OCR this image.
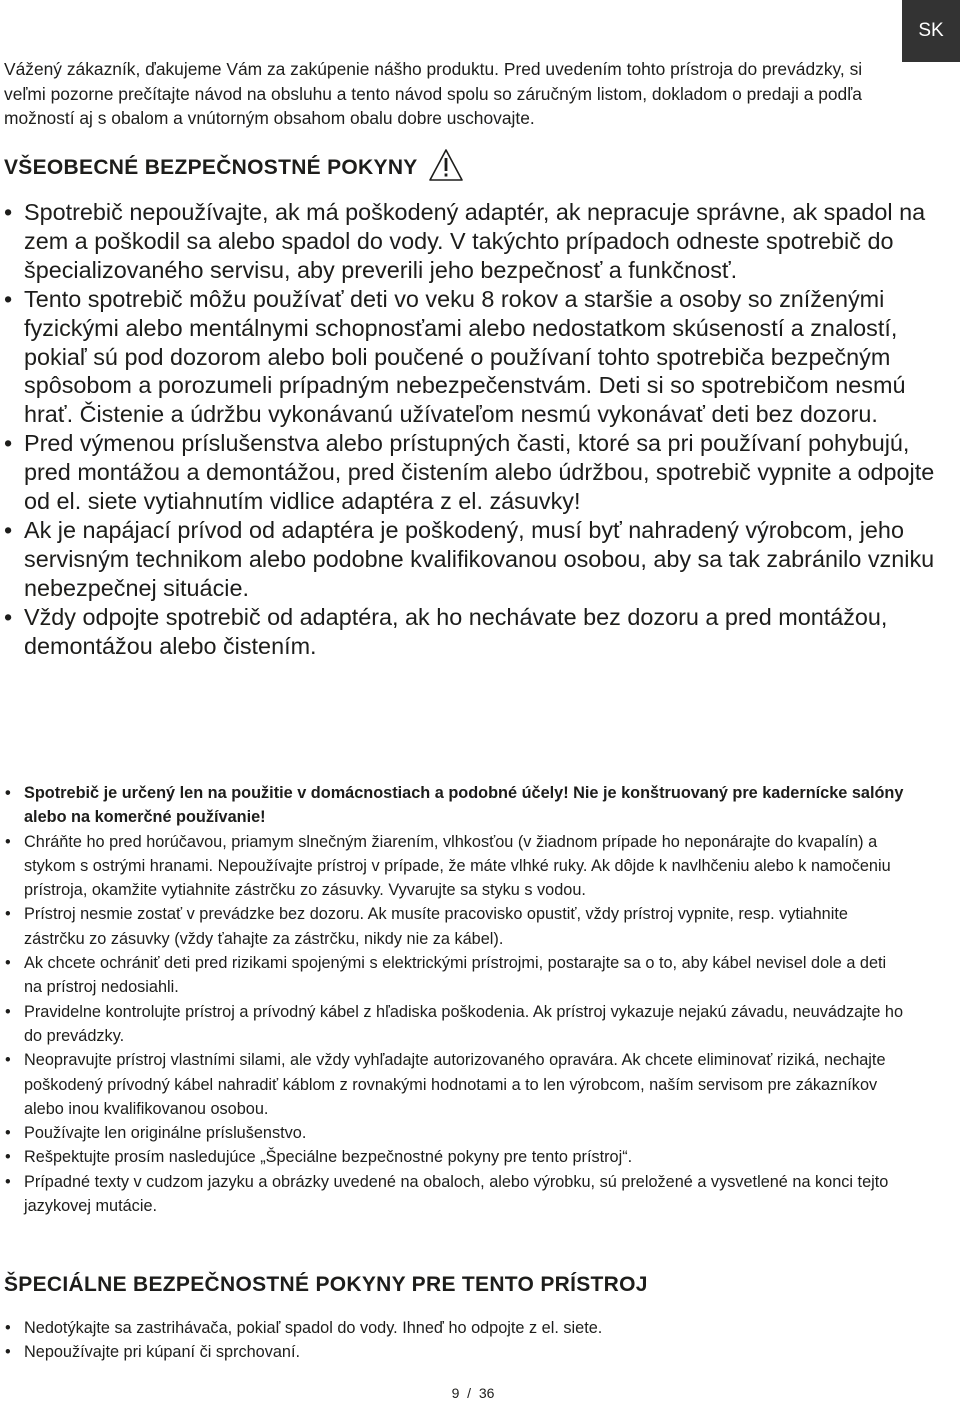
SK

Vážený zákazník, ďakujeme Vám za zakúpenie nášho produktu. Pred uvedením tohto prístroja do prevádzky, si veľmi pozorne prečítajte návod na obsluhu a tento návod spolu so záručným listom, dokladom o predaji a podľa možností aj s obalom a vnútorným obsahom obalu dobre uschovajte.

VŠEOBECNÉ BEZPEČNOSTNÉ POKYNY
• Spotrebič nepoužívajte, ak má poškodený adaptér, ak nepracuje správne, ak spadol na zem a poškodil sa alebo spadol do vody. V takýchto prípadoch odneste spotrebič do špecializovaného servisu, aby preverili jeho bezpečnosť a funkčnosť.
• Tento spotrebič môžu používať deti vo veku 8 rokov a staršie a osoby so zníženými fyzickými alebo mentálnymi schopnosťami alebo nedostatkom skúseností a znalostí, pokiaľ sú pod dozorom alebo boli poučené o používaní tohto spotrebiča bezpečným spôsobom a porozumeli prípadným nebezpečenstvám. Deti si so spotrebičom nesmú hrať. Čistenie a údržbu vykonávanú užívateľom nesmú vykonávať deti bez dozoru.
• Pred výmenou príslušenstva alebo prístupných časti, ktoré sa pri používaní pohybujú, pred montážou a demontážou, pred čistením alebo údržbou, spotrebič vypnite a odpojte od el. siete vytiahnutím vidlice adaptéra z el. zásuvky!
• Ak je napájací prívod od adaptéra je poškodený, musí byť nahradený výrobcom, jeho servisným technikom alebo podobne kvalifikovanou osobou, aby sa tak zabránilo vzniku nebezpečnej situácie.
• Vždy odpojte spotrebič od adaptéra, ak ho nechávate bez dozoru a pred montážou, demontážou alebo čistením.
• Spotrebič je určený len na použitie v domácnostiach a podobné účely! Nie je konštruovaný pre kadernícke salóny alebo na komerčné používanie!
• Chráňte ho pred horúčavou, priamym slnečným žiarením, vlhkosťou (v žiadnom prípade ho neponárajte do kvapalín) a stykom s ostrými hranami. Nepoužívajte prístroj v prípade, že máte vlhké ruky. Ak dôjde k navlhčeniu alebo k namočeniu prístroja, okamžite vytiahnite zástrčku zo zásuvky. Vyvarujte sa styku s vodou.
• Prístroj nesmie zostať v prevádzke bez dozoru. Ak musíte pracovisko opustiť, vždy prístroj vypnite, resp. vytiahnite zástrčku zo zásuvky (vždy ťahajte za zástrčku, nikdy nie za kábel).
• Ak chcete ochrániť deti pred rizikami spojenými s elektrickými prístrojmi, postarajte sa o to, aby kábel nevisel dole a deti na prístroj nedosiahli.
• Pravidelne kontrolujte prístroj a prívodný kábel z hľadiska poškodenia. Ak prístroj vykazuje nejakú závadu, neuvádzajte ho do prevádzky.
• Neopravujte prístroj vlastními silami, ale vždy vyhľadajte autorizovaného opravára. Ak chcete eliminovať riziká, nechajte poškodený prívodný kábel nahradiť káblom z rovnakými hodnotami a to len výrobcom, naším servisom pre zákazníkov alebo inou kvalifikovanou osobou.
• Používajte len originálne príslušenstvo.
• Rešpektujte prosím nasledujúce „Špeciálne bezpečnostné pokyny pre tento prístroj“.
• Prípadné texty v cudzom jazyku a obrázky uvedené na obaloch, alebo výrobku, sú preložené a vysvetlené na konci tejto jazykovej mutácie.
ŠPECIÁLNE BEZPEČNOSTNÉ POKYNY PRE TENTO PRÍSTROJ
• Nedotýkajte sa zastrihávača, pokiaľ spadol do vody. Ihneď ho odpojte z el. siete.
• Nepoužívajte pri kúpaní či sprchovaní.
9  /  36
